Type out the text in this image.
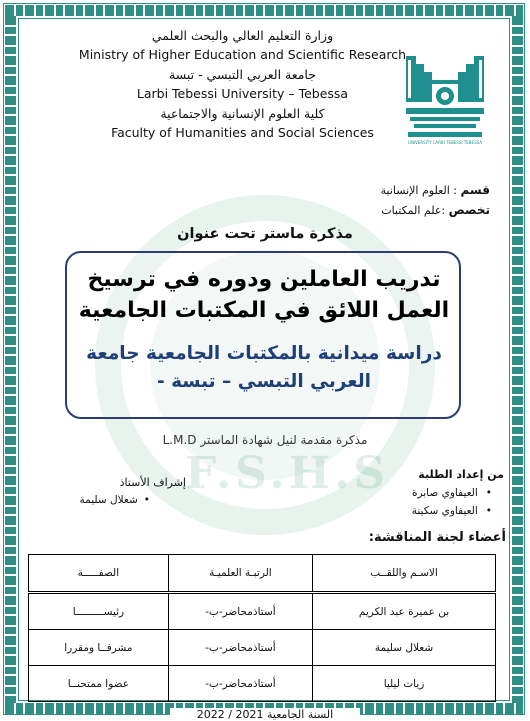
F.S.H.S
وزارة التعليم العالي والبحث العلمي
Ministry of Higher Education and Scientific Research
جامعة العربي التبسي - تبسة
Larbi Tebessi University – Tebessa
كلية العلوم الإنسانية والاجتماعية
Faculty of Humanities and Social Sciences
UNIVERSITY LARBI TEBESSI TEBESSA
قسم : العلوم الإنسانية
تخصص :علم المكتبات
مذكرة ماستر تحت عنوان
تدريب العاملين ودوره في ترسيخ العمل اللائق في المكتبات الجامعية
دراسة ميدانية بالمكتبات الجامعية جامعة العربي التبسي – تبسة -
مذكرة مقدمة لنيل شهادة الماستر L.M.D
من إعداد الطلبة
• العيفاوي صابرة
• العيفاوي سكينة
إشراف الأستاذ
• شعلال سليمة
أعضاء لجنة المناقشة:
الاسـم واللقــب	الرتبـة العلميـة	الصفـــــة
بن عميرة عبد الكريم	أستاذمحاضر-ب-	رئيســـــــــا
شعلال سليمة	أستاذمحاضر-ب-	مشرفــا ومقررا
زيات ليليا	أستاذمحاضر-ب-	عضوا ممتحنــا
السنة الجامعية 2021 / 2022
